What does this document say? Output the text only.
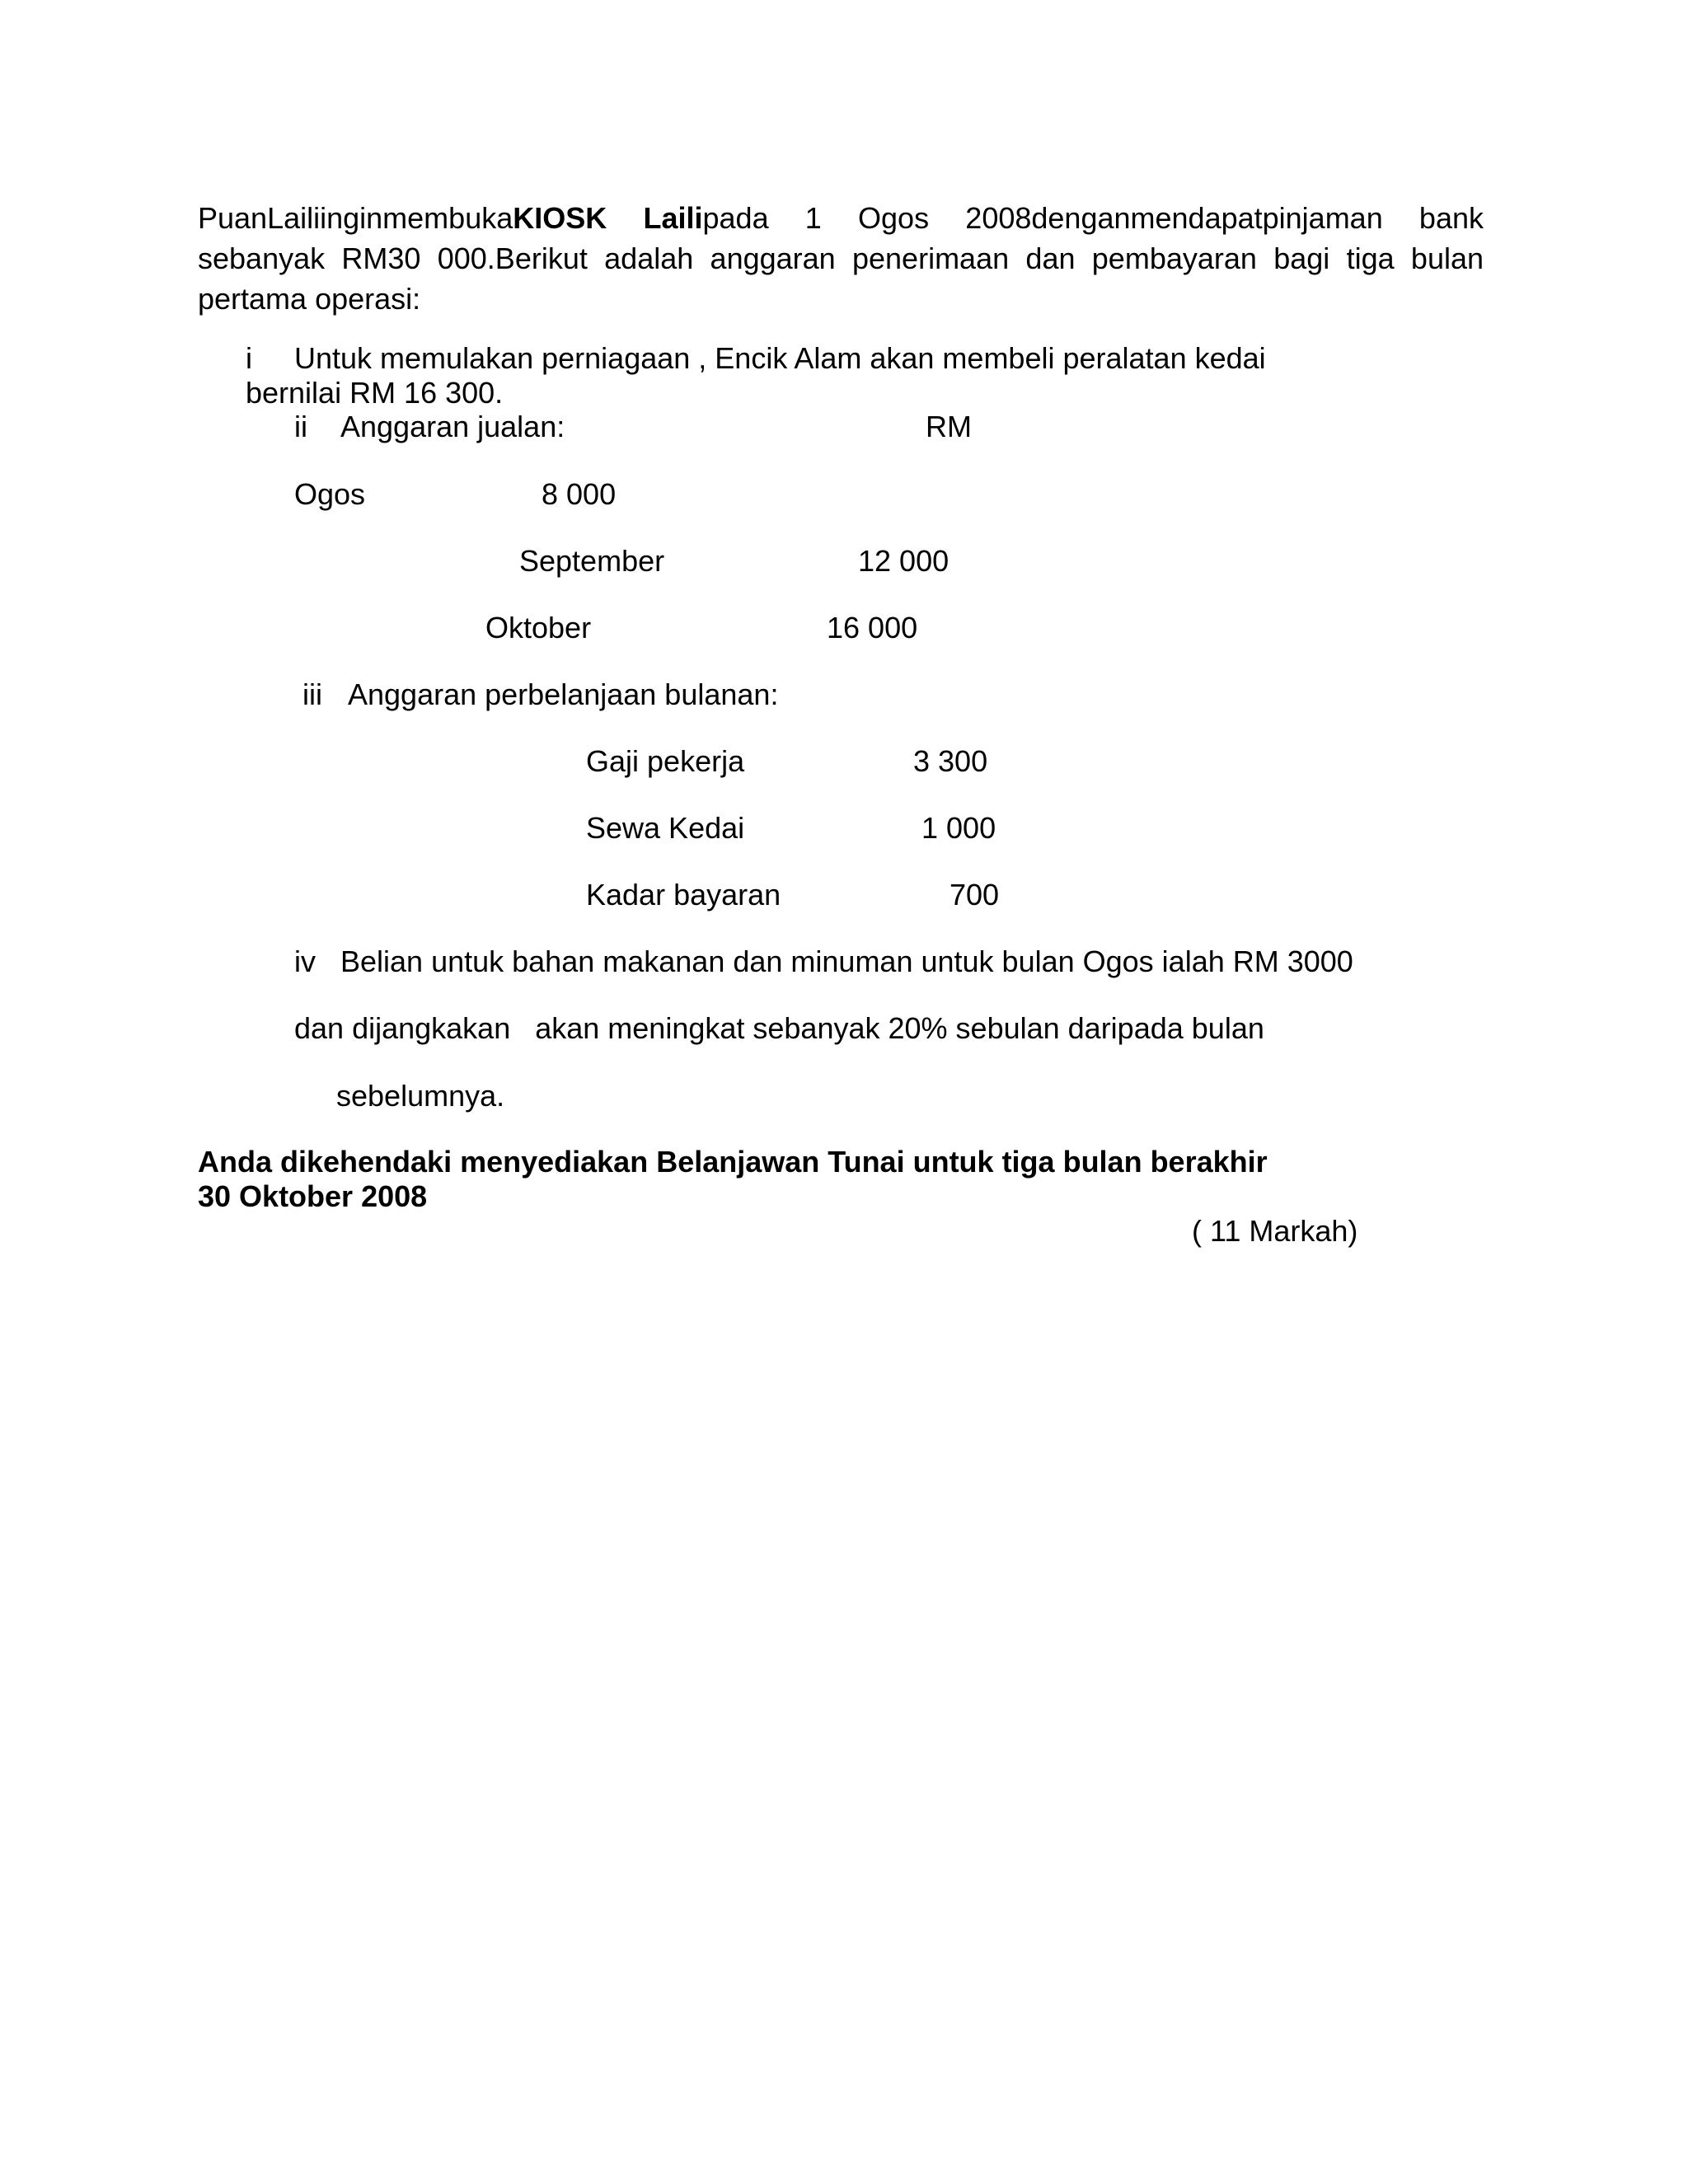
PuanLailiinginmembukaKIOSK Lailipada 1 Ogos 2008denganmendapatpinjaman bank
sebanyak RM30 000.Berikut adalah anggaran penerimaan dan pembayaran bagi tiga bulan
pertama operasi:
i Untuk memulakan perniagaan , Encik Alam akan membeli peralatan kedai
bernilai RM 16 300.
ii Anggaran jualan:	RM
Ogos	8 000
September	12 000
Oktober	16 000
iii Anggaran perbelanjaan bulanan:
Gaji pekerja	3 300
Sewa Kedai	1 000
Kadar bayaran	700
iv Belian untuk bahan makanan dan minuman untuk bulan Ogos ialah RM 3000
dan dijangkakan   akan meningkat sebanyak 20% sebulan daripada bulan
sebelumnya.
Anda dikehendaki menyediakan Belanjawan Tunai untuk tiga bulan berakhir
30 Oktober 2008
( 11 Markah)
